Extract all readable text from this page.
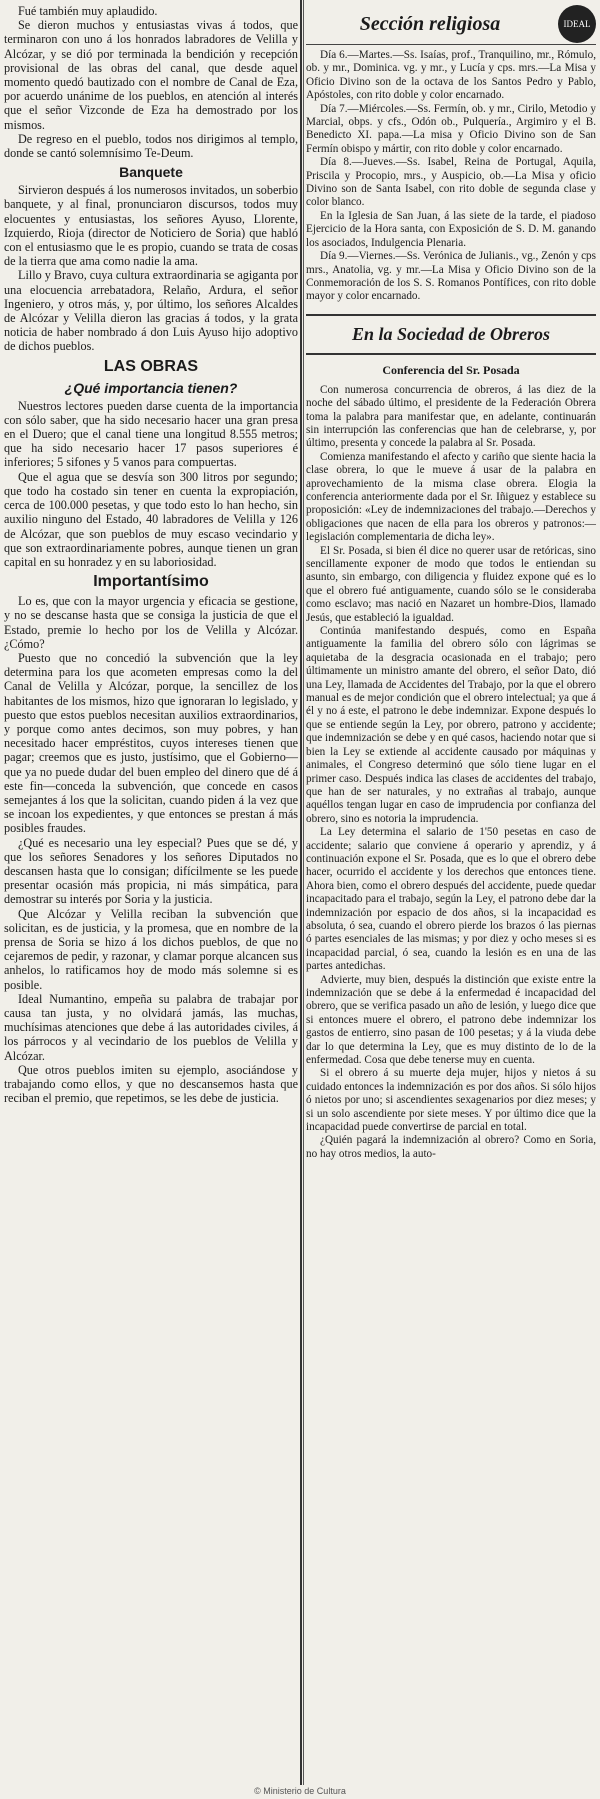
Fué también muy aplaudido.

Se dieron muchos y entusiastas vivas á todos, que terminaron con uno á los honrados labradores de Velilla y Alcózar, y se dió por terminada la bendición y recepción provisional de las obras del canal, que desde aquel momento quedó bautizado con el nombre de Canal de Eza, por acuerdo unánime de los pueblos, en atención al interés que el señor Vizconde de Eza ha demostrado por los mismos.

De regreso en el pueblo, todos nos dirigimos al templo, donde se cantó solemnísimo Te-Deum.

Banquete

Sirvieron después á los numerosos invitados, un soberbio banquete, y al final, pronunciaron discursos, todos muy elocuentes y entusiastas, los señores Ayuso, Llorente, Izquierdo, Rioja (director de Noticiero de Soria) que habló con el entusiasmo que le es propio, cuando se trata de cosas de la tierra que ama como nadie la ama.

Lillo y Bravo, cuya cultura extraordinaria se agiganta por una elocuencia arrebatadora, Relaño, Ardura, el señor Ingeniero, y otros más, y, por último, los señores Alcaldes de Alcózar y Velilla dieron las gracias á todos, y la grata noticia de haber nombrado á don Luis Ayuso hijo adoptivo de dichos pueblos.

LAS OBRAS
¿Qué importancia tienen?

Nuestros lectores pueden darse cuenta de la importancia con sólo saber, que ha sido necesario hacer una gran presa en el Duero; que el canal tiene una longitud 8.555 metros; que ha sido necesario hacer 17 pasos superiores é inferiores; 5 sifones y 5 vanos para compuertas.

Que el agua que se desvía son 300 litros por segundo; que todo ha costado sin tener en cuenta la expropiación, cerca de 100.000 pesetas, y que todo esto lo han hecho, sin auxilio ninguno del Estado, 40 labradores de Velilla y 126 de Alcózar, que son pueblos de muy escaso vecindario y que son extraordinariamente pobres, aunque tienen un gran capital en su honradez y en su laboriosidad.

Importantísimo

Lo es, que con la mayor urgencia y eficacia se gestione, y no se descanse hasta que se consiga la justicia de que el Estado, premie lo hecho por los de Velilla y Alcózar. ¿Cómo?

Puesto que no concedió la subvención que la ley determina para los que acometen empresas como la del Canal de Velilla y Alcózar, porque, la sencillez de los habitantes de los mismos, hizo que ignoraran lo legislado, y puesto que estos pueblos necesitan auxilios extraordinarios, y porque como antes decimos, son muy pobres, y han necesitado hacer empréstitos, cuyos intereses tienen que pagar; creemos que es justo, justísimo, que el Gobierno—que ya no puede dudar del buen empleo del dinero que dé á este fin—conceda la subvención, que concede en casos semejantes á los que la solicitan, cuando piden á la vez que se incoan los expedientes, y que entonces se prestan á más posibles fraudes.

¿Qué es necesario una ley especial? Pues que se dé, y que los señores Senadores y los señores Diputados no descansen hasta que lo consigan; difícilmente se les puede presentar ocasión más propicia, ni más simpática, para demostrar su interés por Soria y la justicia.

Que Alcózar y Velilla reciban la subvención que solicitan, es de justicia, y la promesa, que en nombre de la prensa de Soria se hizo á los dichos pueblos, de que no cejaremos de pedir, y razonar, y clamar porque alcancen sus anhelos, lo ratificamos hoy de modo más solemne si es posible.

Ideal Numantino, empeña su palabra de trabajar por causa tan justa, y no olvidará jamás, las muchas, muchísimas atenciones que debe á las autoridades civiles, á los párrocos y al vecindario de los pueblos de Velilla y Alcózar.

Que otros pueblos imiten su ejemplo, asociándose y trabajando como ellos, y que no descansemos hasta que reciban el premio, que repetimos, se les debe de justicia.

Sección religiosa	IDEAL

Día 6.—Martes.—Ss. Isaías, prof., Tranquilino, mr., Rómulo, ob. y mr., Dominica. vg. y mr., y Lucía y cps. mrs.—La Misa y Oficio Divino son de la octava de los Santos Pedro y Pablo, Apóstoles, con rito doble y color encarnado.

Día 7.—Miércoles.—Ss. Fermín, ob. y mr., Cirilo, Metodio y Marcial, obps. y cfs., Odón ob., Pulquería., Argimiro y el B. Benedicto XI. papa.—La misa y Oficio Divino son de San Fermín obispo y mártir, con rito doble y color encarnado.

Día 8.—Jueves.—Ss. Isabel, Reina de Portugal, Aquila, Priscila y Procopio, mrs., y Auspicio, ob.—La Misa y oficio Divino son de Santa Isabel, con rito doble de segunda clase y color blanco.

En la Iglesia de San Juan, á las siete de la tarde, el piadoso Ejercicio de la Hora santa, con Exposición de S. D. M. ganando los asociados, Indulgencia Plenaria.

Día 9.—Viernes.—Ss. Verónica de Julianis., vg., Zenón y cps mrs., Anatolia, vg. y mr.—La Misa y Oficio Divino son de la Conmemoración de los S. S. Romanos Pontífices, con rito doble mayor y color encarnado.

En la Sociedad de Obreros
Conferencia del Sr. Posada

Con numerosa concurrencia de obreros, á las diez de la noche del sábado último, el presidente de la Federación Obrera toma la palabra para manifestar que, en adelante, continuarán sin interrupción las conferencias que han de celebrarse, y, por último, presenta y concede la palabra al Sr. Posada.

Comienza manifestando el afecto y cariño que siente hacia la clase obrera, lo que le mueve á usar de la palabra en aprovechamiento de la misma clase obrera. Elogia la conferencia anteriormente dada por el Sr. Iñiguez y establece su proposición: «Ley de indemnizaciones del trabajo.—Derechos y obligaciones que nacen de ella para los obreros y patronos:—legislación complementaria de dicha ley».

El Sr. Posada, si bien él dice no querer usar de retóricas, sino sencillamente exponer de modo que todos le entiendan su asunto, sin embargo, con diligencia y fluidez expone qué es lo que el obrero fué antiguamente, cuando sólo se le consideraba como esclavo; mas nació en Nazaret un hombre-Dios, llamado Jesús, que estableció la igualdad.

Continúa manifestando después, como en España antiguamente la familia del obrero sólo con lágrimas se aquietaba de la desgracia ocasionada en el trabajo; pero últimamente un ministro amante del obrero, el señor Dato, dió una Ley, llamada de Accidentes del Trabajo, por la que el obrero manual es de mejor condición que el obrero intelectual; ya que á él y no á este, el patrono le debe indemnizar. Expone después lo que se entiende según la Ley, por obrero, patrono y accidente; que indemnización se debe y en qué casos, haciendo notar que si bien la Ley se extiende al accidente causado por máquinas y animales, el Congreso determinó que sólo tiene lugar en el primer caso. Después indica las clases de accidentes del trabajo, que han de ser naturales, y no extrañas al trabajo, aunque aquéllos tengan lugar en caso de imprudencia por confianza del obrero, sino es notoria la imprudencia.

La Ley determina el salario de 1'50 pesetas en caso de accidente; salario que conviene á operario y aprendiz, y á continuación expone el Sr. Posada, que es lo que el obrero debe hacer, ocurrido el accidente y los derechos que entonces tiene. Ahora bien, como el obrero después del accidente, puede quedar incapacitado para el trabajo, según la Ley, el patrono debe dar la indemnización por espacio de dos años, si la incapacidad es absoluta, ó sea, cuando el obrero pierde los brazos ó las piernas ó partes esenciales de las mismas; y por diez y ocho meses si es incapacidad parcial, ó sea, cuando la lesión es en una de las partes antedichas.

Advierte, muy bien, después la distinción que existe entre la indemnización que se debe á la enfermedad é incapacidad del obrero, que se verifica pasado un año de lesión, y luego dice que si entonces muere el obrero, el patrono debe indemnizar los gastos de entierro, sino pasan de 100 pesetas; y á la viuda debe dar lo que determina la Ley, que es muy distinto de lo de la enfermedad. Cosa que debe tenerse muy en cuenta.

Si el obrero á su muerte deja mujer, hijos y nietos á su cuidado entonces la indemnización es por dos años. Si sólo hijos ó nietos por uno; si ascendientes sexagenarios por diez meses; y si un solo ascendiente por siete meses. Y por último dice que la incapacidad puede convertirse de parcial en total.

¿Quién pagará la indemnización al obrero? Como en Soria, no hay otros medios, la auto-

© Ministerio de Cultura
